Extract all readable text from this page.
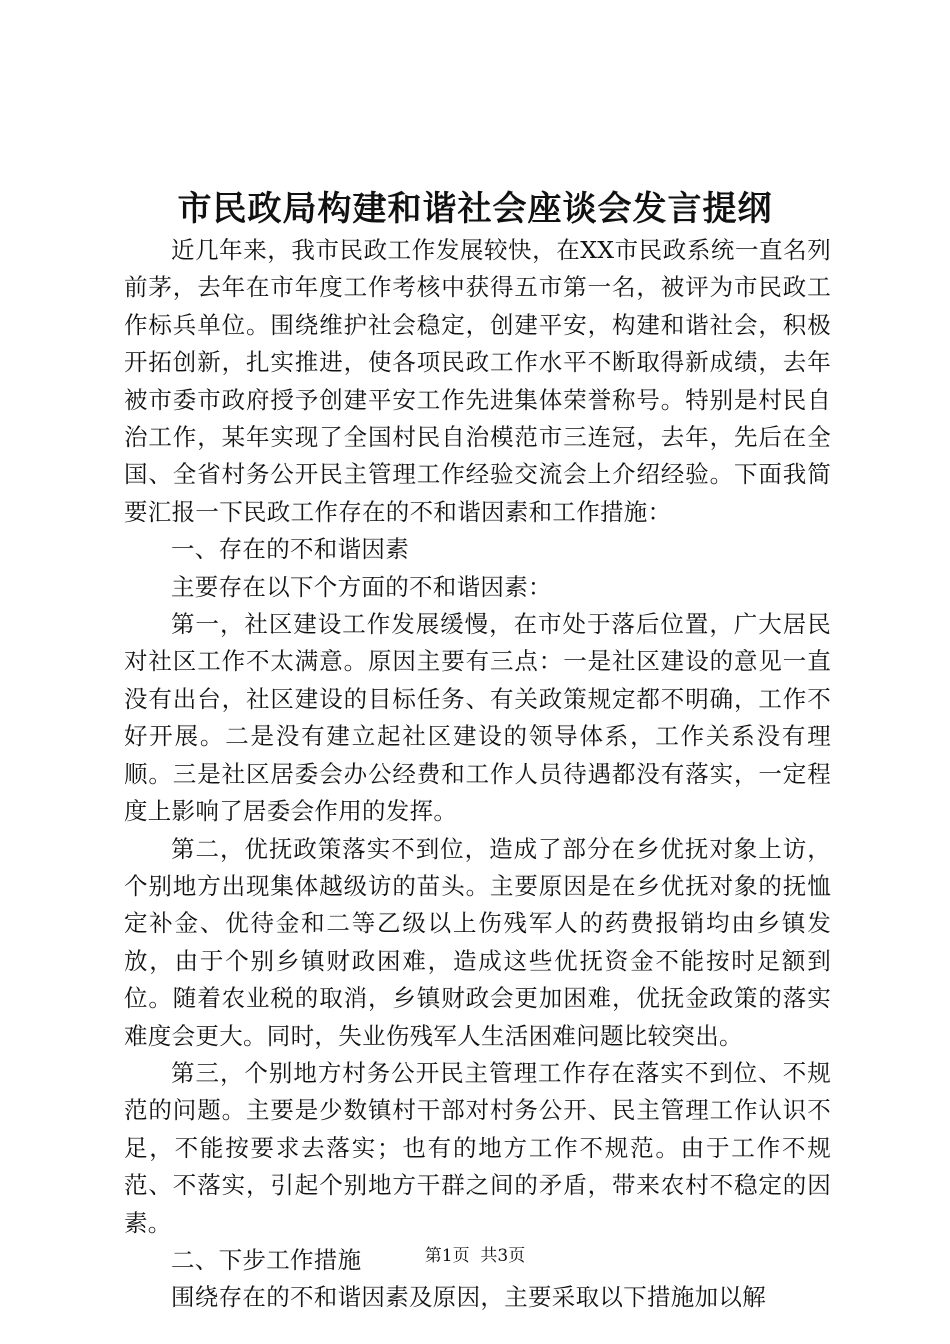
市民政局构建和谐社会座谈会发言提纲

近几年来，我市民政工作发展较快，在XX市民政系统一直名列前茅，去年在市年度工作考核中获得五市第一名，被评为市民政工作标兵单位。围绕维护社会稳定，创建平安，构建和谐社会，积极开拓创新，扎实推进，使各项民政工作水平不断取得新成绩，去年被市委市政府授予创建平安工作先进集体荣誉称号。特别是村民自治工作，某年实现了全国村民自治模范市三连冠，去年，先后在全国、全省村务公开民主管理工作经验交流会上介绍经验。下面我简要汇报一下民政工作存在的不和谐因素和工作措施：

一、存在的不和谐因素

主要存在以下个方面的不和谐因素：

第一，社区建设工作发展缓慢，在市处于落后位置，广大居民对社区工作不太满意。原因主要有三点：一是社区建设的意见一直没有出台，社区建设的目标任务、有关政策规定都不明确，工作不好开展。二是没有建立起社区建设的领导体系，工作关系没有理顺。三是社区居委会办公经费和工作人员待遇都没有落实，一定程度上影响了居委会作用的发挥。

第二，优抚政策落实不到位，造成了部分在乡优抚对象上访，个别地方出现集体越级访的苗头。主要原因是在乡优抚对象的抚恤定补金、优待金和二等乙级以上伤残军人的药费报销均由乡镇发放，由于个别乡镇财政困难，造成这些优抚资金不能按时足额到位。随着农业税的取消，乡镇财政会更加困难，优抚金政策的落实难度会更大。同时，失业伤残军人生活困难问题比较突出。

第三，个别地方村务公开民主管理工作存在落实不到位、不规范的问题。主要是少数镇村干部对村务公开、民主管理工作认识不足，不能按要求去落实；也有的地方工作不规范。由于工作不规范、不落实，引起个别地方干群之间的矛盾，带来农村不稳定的因素。

二、下步工作措施

围绕存在的不和谐因素及原因，主要采取以下措施加以解

第1页 共3页
